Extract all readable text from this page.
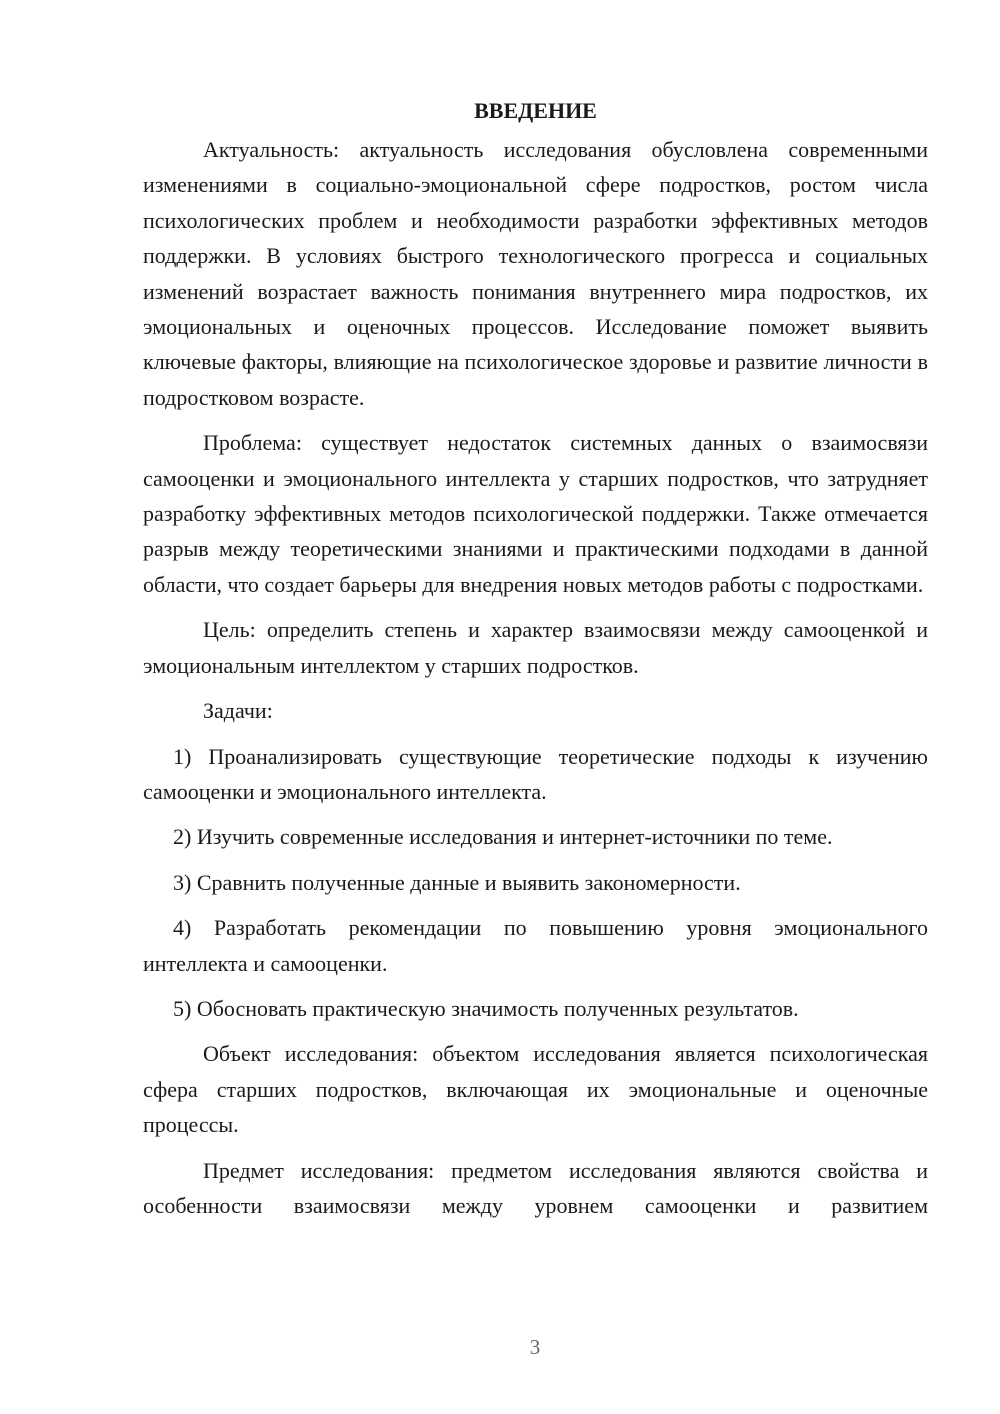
ВВЕДЕНИЕ

Актуальность: актуальность исследования обусловлена современными изменениями в социально-эмоциональной сфере подростков, ростом числа психологических проблем и необходимости разработки эффективных методов поддержки. В условиях быстрого технологического прогресса и социальных изменений возрастает важность понимания внутреннего мира подростков, их эмоциональных и оценочных процессов. Исследование поможет выявить ключевые факторы, влияющие на психологическое здоровье и развитие личности в подростковом возрасте.

Проблема: существует недостаток системных данных о взаимосвязи самооценки и эмоционального интеллекта у старших подростков, что затрудняет разработку эффективных методов психологической поддержки. Также отмечается разрыв между теоретическими знаниями и практическими подходами в данной области, что создает барьеры для внедрения новых методов работы с подростками.

Цель: определить степень и характер взаимосвязи между самооценкой и эмоциональным интеллектом у старших подростков.

Задачи:

1) Проанализировать существующие теоретические подходы к изучению самооценки и эмоционального интеллекта.

2) Изучить современные исследования и интернет-источники по теме.

3) Сравнить полученные данные и выявить закономерности.

4) Разработать рекомендации по повышению уровня эмоционального интеллекта и самооценки.

5) Обосновать практическую значимость полученных результатов.

Объект исследования: объектом исследования является психологическая сфера старших подростков, включающая их эмоциональные и оценочные процессы.

Предмет исследования: предметом исследования являются свойства и особенности взаимосвязи между уровнем самооценки и развитием

3
